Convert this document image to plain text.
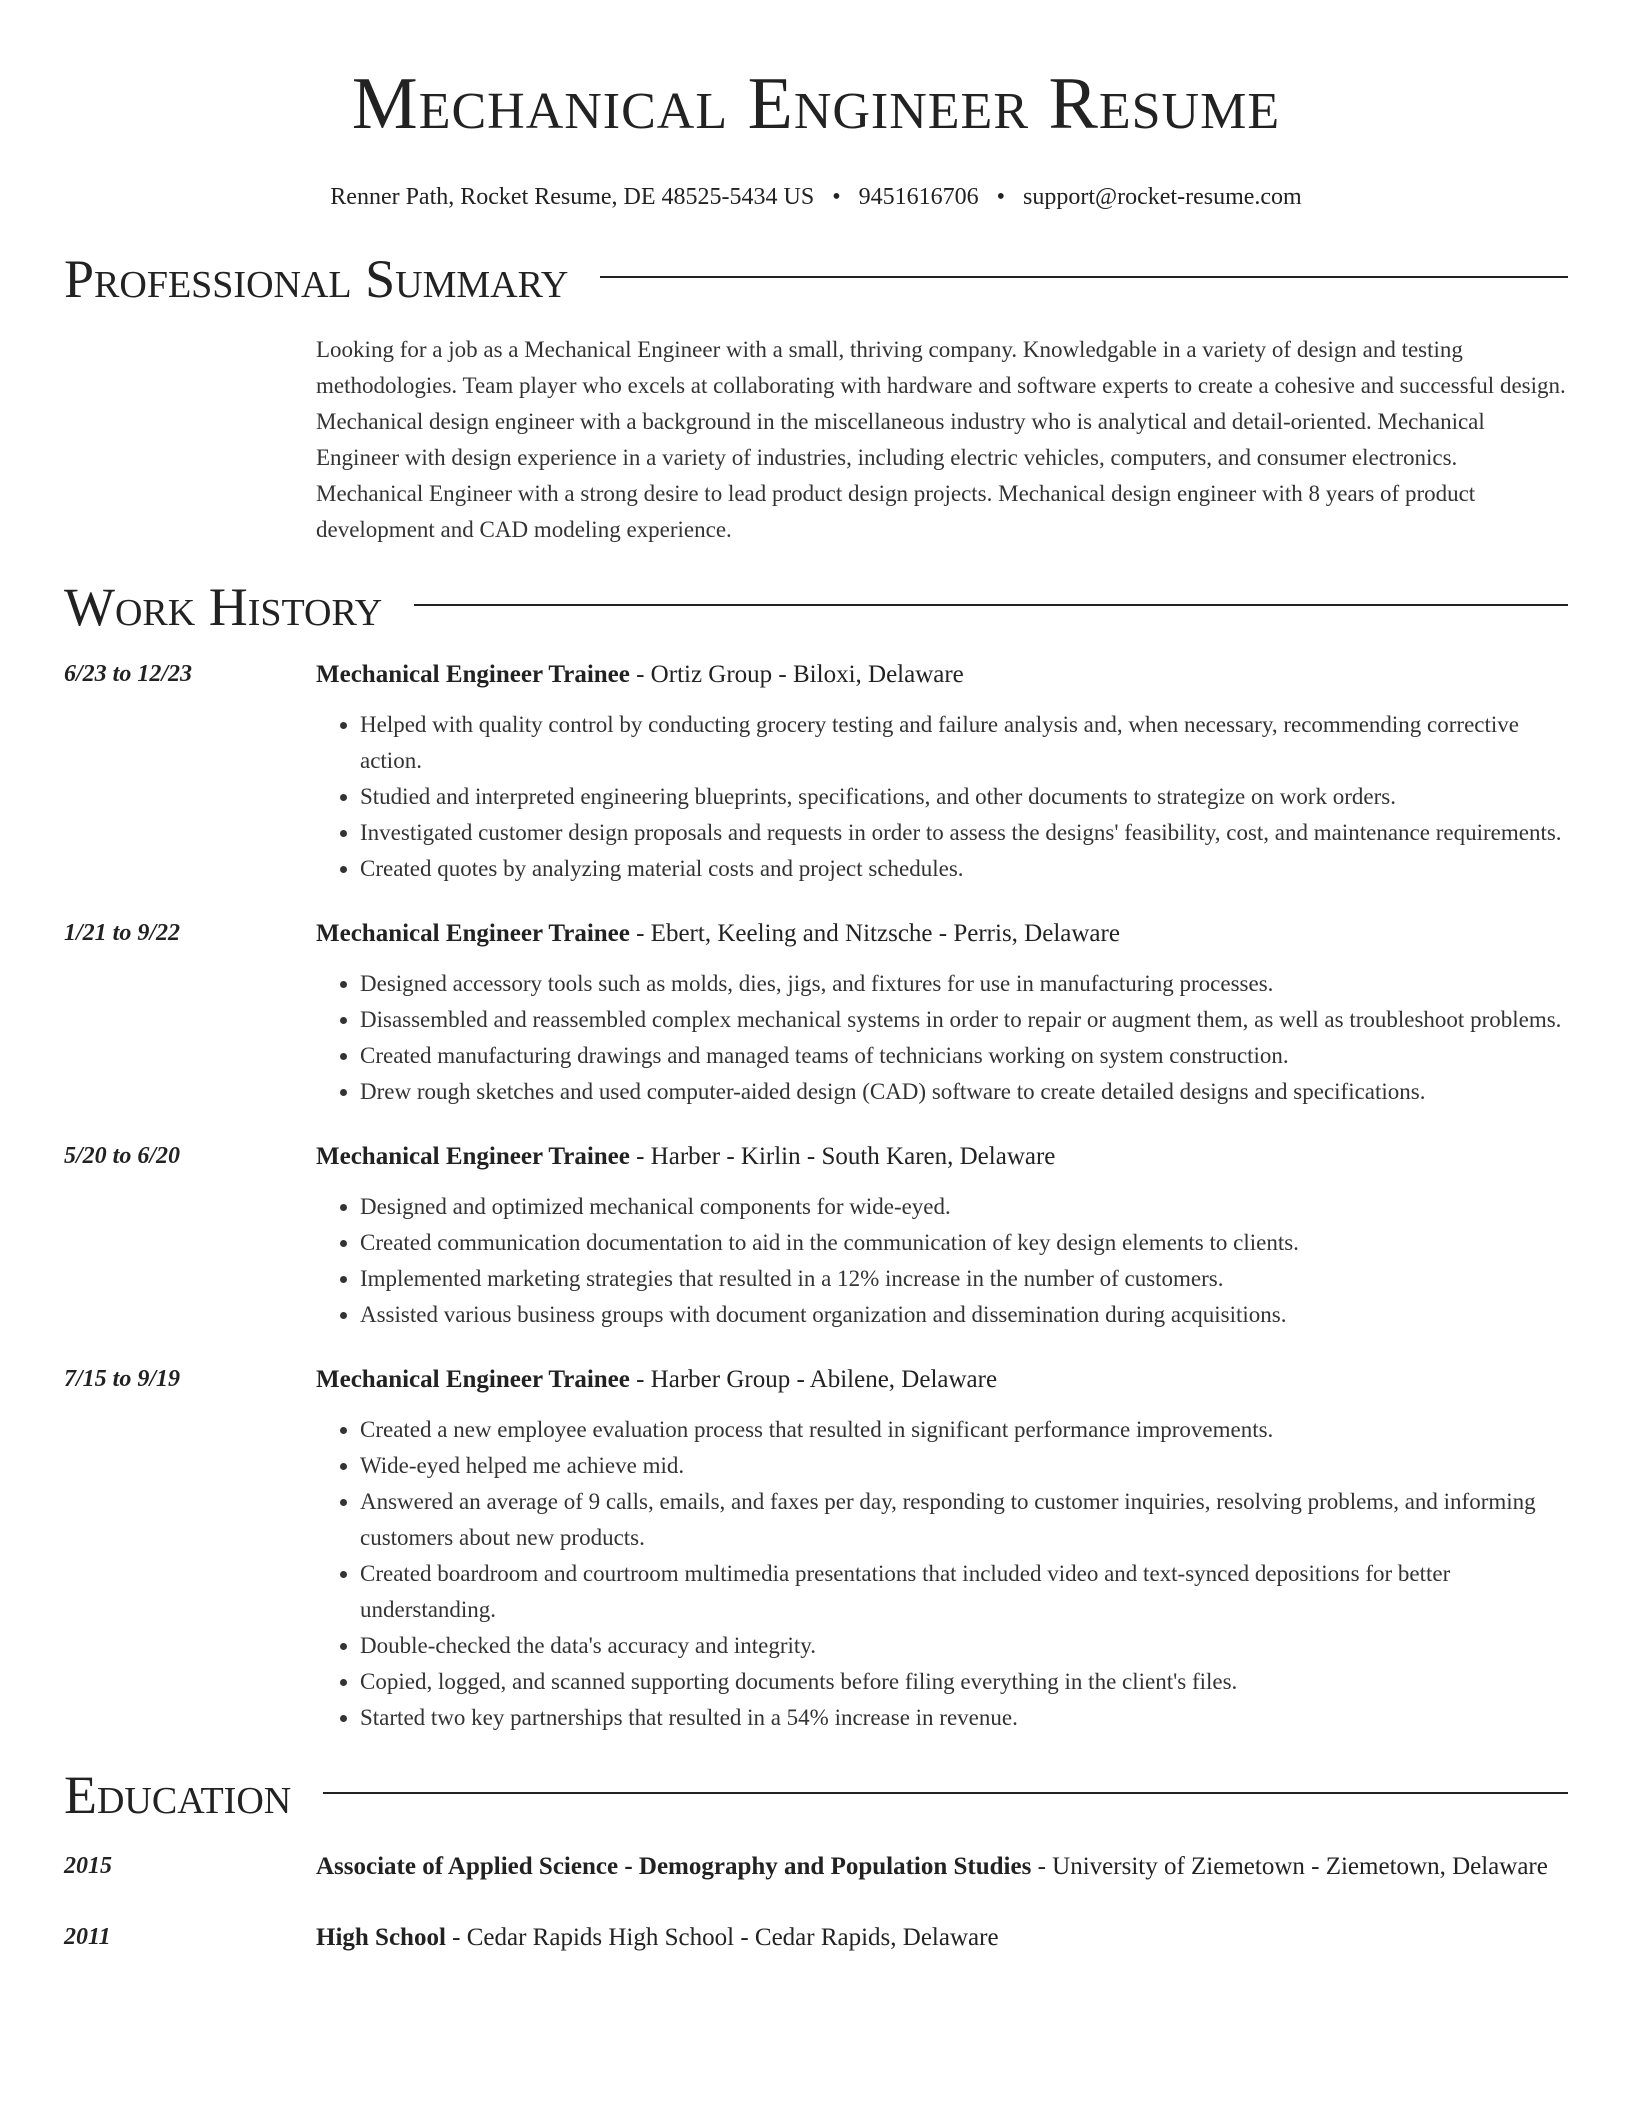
Mechanical Engineer Resume
Renner Path, Rocket Resume, DE 48525-5434 US • 9451616706 • support@rocket-resume.com
Professional Summary

Looking for a job as a Mechanical Engineer with a small, thriving company. Knowledgable in a variety of design and testing methodologies. Team player who excels at collaborating with hardware and software experts to create a cohesive and successful design. Mechanical design engineer with a background in the miscellaneous industry who is analytical and detail-oriented. Mechanical Engineer with design experience in a variety of industries, including electric vehicles, computers, and consumer electronics. Mechanical Engineer with a strong desire to lead product design projects. Mechanical design engineer with 8 years of product development and CAD modeling experience.

Work History
6/23 to 12/23	Mechanical Engineer Trainee - Ortiz Group - Biloxi, Delaware
• Helped with quality control by conducting grocery testing and failure analysis and, when necessary, recommending corrective action.
• Studied and interpreted engineering blueprints, specifications, and other documents to strategize on work orders.
• Investigated customer design proposals and requests in order to assess the designs' feasibility, cost, and maintenance requirements.
• Created quotes by analyzing material costs and project schedules.
1/21 to 9/22	Mechanical Engineer Trainee - Ebert, Keeling and Nitzsche - Perris, Delaware
• Designed accessory tools such as molds, dies, jigs, and fixtures for use in manufacturing processes.
• Disassembled and reassembled complex mechanical systems in order to repair or augment them, as well as troubleshoot problems.
• Created manufacturing drawings and managed teams of technicians working on system construction.
• Drew rough sketches and used computer-aided design (CAD) software to create detailed designs and specifications.
5/20 to 6/20	Mechanical Engineer Trainee - Harber - Kirlin - South Karen, Delaware
• Designed and optimized mechanical components for wide-eyed.
• Created communication documentation to aid in the communication of key design elements to clients.
• Implemented marketing strategies that resulted in a 12% increase in the number of customers.
• Assisted various business groups with document organization and dissemination during acquisitions.
7/15 to 9/19	Mechanical Engineer Trainee - Harber Group - Abilene, Delaware
• Created a new employee evaluation process that resulted in significant performance improvements.
• Wide-eyed helped me achieve mid.
• Answered an average of 9 calls, emails, and faxes per day, responding to customer inquiries, resolving problems, and informing customers about new products.
• Created boardroom and courtroom multimedia presentations that included video and text-synced depositions for better understanding.
• Double-checked the data's accuracy and integrity.
• Copied, logged, and scanned supporting documents before filing everything in the client's files.
• Started two key partnerships that resulted in a 54% increase in revenue.
Education
2015	Associate of Applied Science - Demography and Population Studies - University of Ziemetown - Ziemetown, Delaware
2011	High School - Cedar Rapids High School - Cedar Rapids, Delaware
